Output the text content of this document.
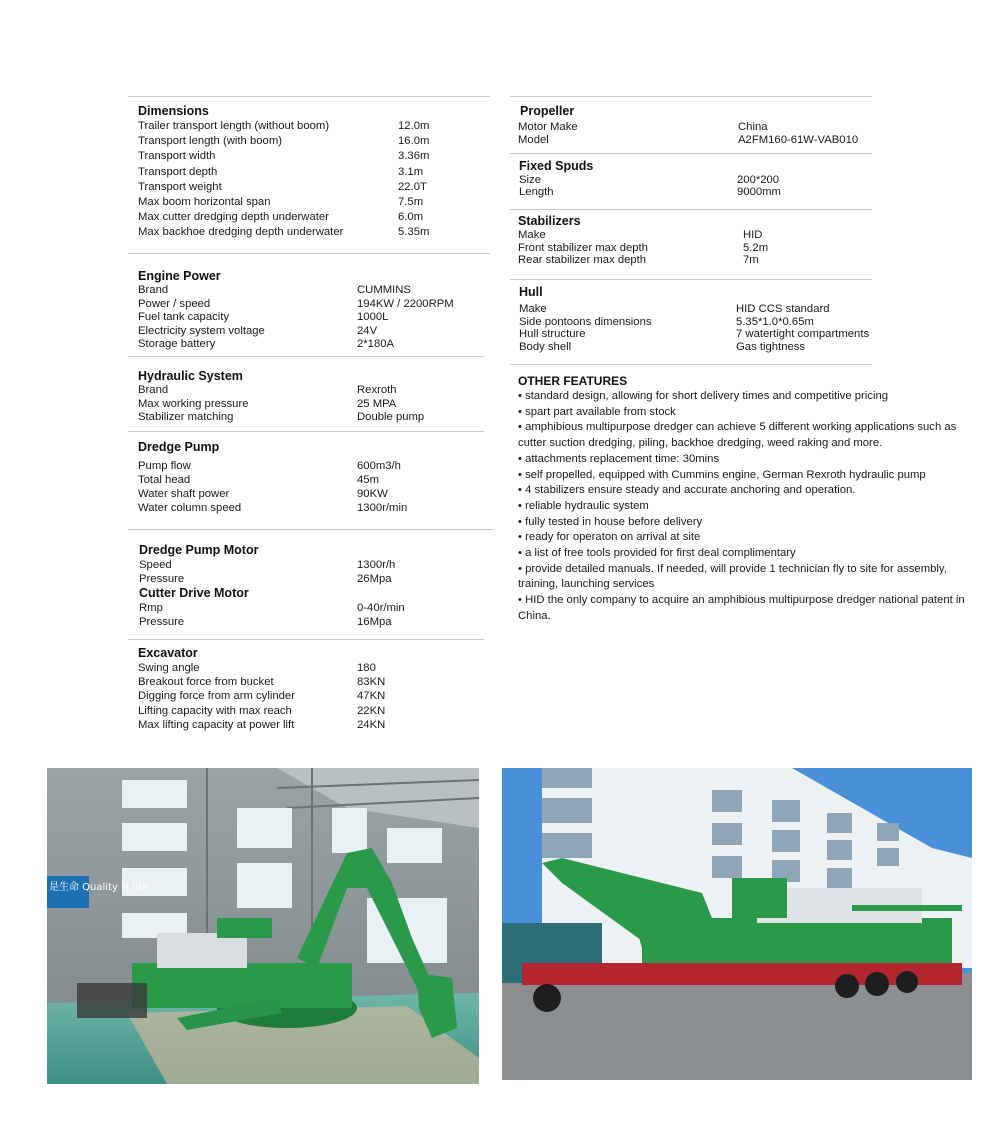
Dimensions
Trailer transport length (without boom)	12.0m
Transport length (with boom)	16.0m
Transport width	3.36m
Transport depth	3.1m
Transport weight	22.0T
Max boom horizontal span	7.5m
Max cutter dredging depth underwater	6.0m
Max backhoe dredging depth underwater	5.35m
Engine Power
Brand	CUMMINS
Power / speed	194KW / 2200RPM
Fuel tank capacity	1000L
Electricity system voltage	24V
Storage battery	2*180A
Hydraulic System
Brand	Rexroth
Max working pressure	25 MPA
Stabilizer matching	Double pump
Dredge Pump
Pump flow	600m3/h
Total head	45m
Water shaft power	90KW
Water column speed	1300r/min
Dredge Pump Motor
Speed	1300r/h
Pressure	26Mpa
Cutter Drive Motor
Rmp	0-40r/min
Pressure	16Mpa
Excavator
Swing angle	180
Breakout force from bucket	83KN
Digging force from arm cylinder	47KN
Lifting capacity with max reach	22KN
Max lifting capacity at power lift	24KN
Propeller
Motor Make	China
Model	A2FM160-61W-VAB010
Fixed Spuds
Size	200*200
Length	9000mm
Stabilizers
Make	HID
Front stabilizer max depth	5.2m
Rear stabilizer max depth	7m
Hull
Make	HID CCS standard
Side pontoons dimensions	5.35*1.0*0.65m
Hull structure	7 watertight compartments
Body shell	Gas tightness
OTHER FEATURES
• standard design, allowing for short delivery times and competitive pricing
• spart part available from stock
• amphibious multipurpose dredger can achieve 5 different working applications such as cutter suction dredging, piling, backhoe dredging, weed raking and more.
• attachments replacement time: 30mins
• self propelled, equipped with Cummins engine, German Rexroth hydraulic pump
• 4 stabilizers ensure steady and accurate anchoring and operation.
• reliable hydraulic system
• fully tested in house before delivery
• ready for operaton on arrival at site
• a list of free tools provided for first deal complimentary
• provide detailed manuals. If needed, will provide 1 technician fly to site for assembly, training, launching services
• HID the only company to acquire an amphibious multipurpose dredger national patent in China.
是生命 Quality is life
